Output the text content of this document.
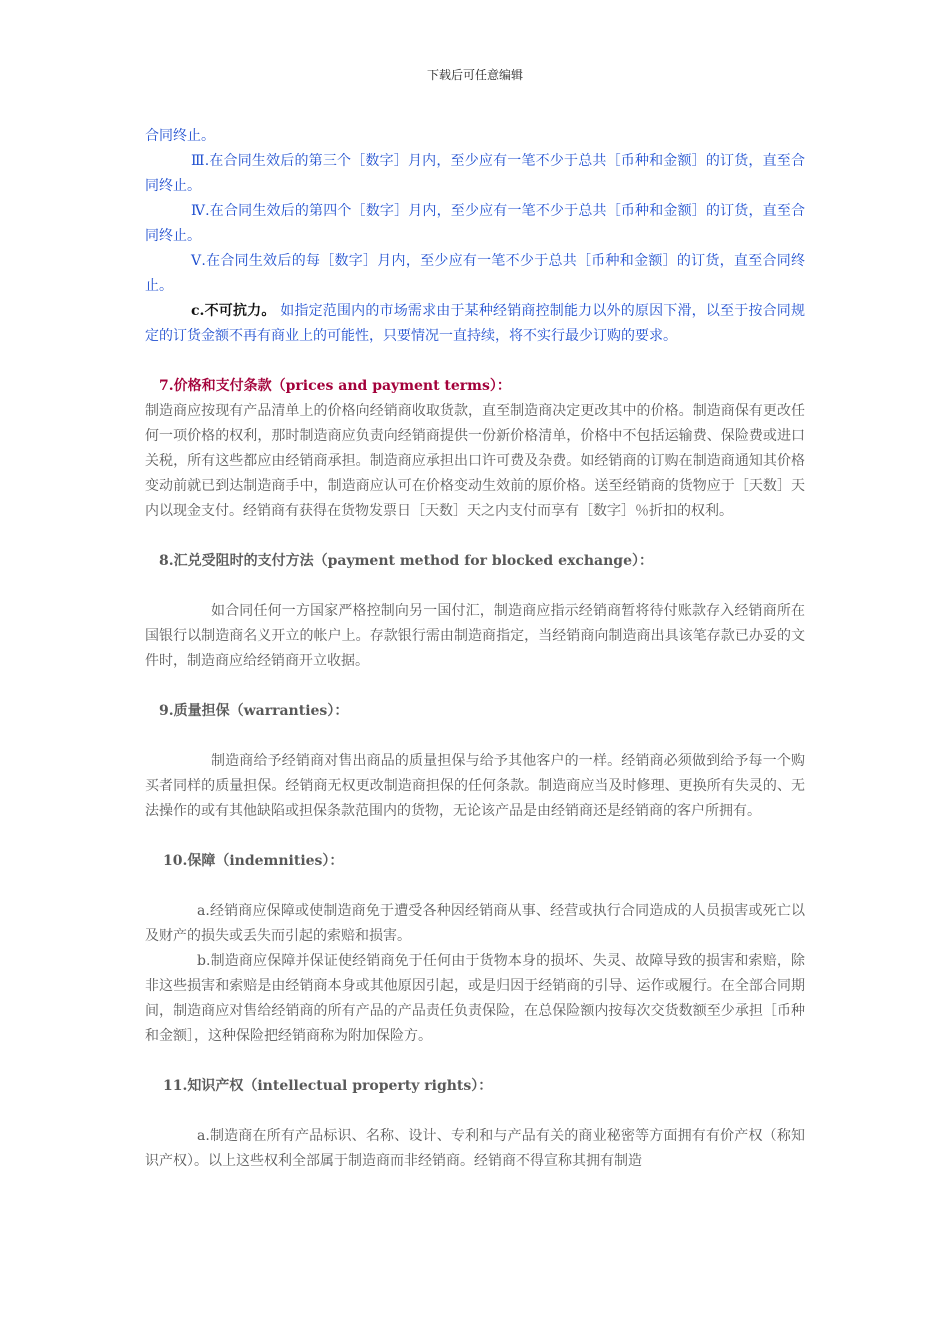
下载后可任意编辑

合同终止。

Ⅲ.在合同生效后的第三个［数字］月内，至少应有一笔不少于总共［币种和金额］的订货，直至合同终止。

Ⅳ.在合同生效后的第四个［数字］月内，至少应有一笔不少于总共［币种和金额］的订货，直至合同终止。

Ⅴ.在合同生效后的每［数字］月内，至少应有一笔不少于总共［币种和金额］的订货，直至合同终止。

c.不可抗力。 如指定范围内的市场需求由于某种经销商控制能力以外的原因下滑，以至于按合同规定的订货金额不再有商业上的可能性，只要情况一直持续，将不实行最少订购的要求。

7.价格和支付条款（prices and payment terms）：

制造商应按现有产品清单上的价格向经销商收取货款，直至制造商决定更改其中的价格。制造商保有更改任何一项价格的权利，那时制造商应负责向经销商提供一份新价格清单，价格中不包括运输费、保险费或进口关税，所有这些都应由经销商承担。制造商应承担出口许可费及杂费。如经销商的订购在制造商通知其价格变动前就已到达制造商手中，制造商应认可在价格变动生效前的原价格。送至经销商的货物应于［天数］天内以现金支付。经销商有获得在货物发票日［天数］天之内支付而享有［数字］％折扣的权利。

8.汇兑受阻时的支付方法（payment method for blocked exchange）：

如合同任何一方国家严格控制向另一国付汇，制造商应指示经销商暂将待付账款存入经销商所在国银行以制造商名义开立的帐户上。存款银行需由制造商指定，当经销商向制造商出具该笔存款已办妥的文件时，制造商应给经销商开立收据。

9.质量担保（warranties）：

制造商给予经销商对售出商品的质量担保与给予其他客户的一样。经销商必须做到给予每一个购买者同样的质量担保。经销商无权更改制造商担保的任何条款。制造商应当及时修理、更换所有失灵的、无法操作的或有其他缺陷或担保条款范围内的货物，无论该产品是由经销商还是经销商的客户所拥有。

10.保障（indemnities）：

a.经销商应保障或使制造商免于遭受各种因经销商从事、经营或执行合同造成的人员损害或死亡以及财产的损失或丢失而引起的索赔和损害。

b.制造商应保障并保证使经销商免于任何由于货物本身的损坏、失灵、故障导致的损害和索赔，除非这些损害和索赔是由经销商本身或其他原因引起，或是归因于经销商的引导、运作或履行。在全部合同期间，制造商应对售给经销商的所有产品的产品责任负责保险，在总保险额内按每次交货数额至少承担［币种和金额］，这种保险把经销商称为附加保险方。

11.知识产权（intellectual property rights）：

a.制造商在所有产品标识、名称、设计、专利和与产品有关的商业秘密等方面拥有有价产权（称知识产权）。以上这些权利全部属于制造商而非经销商。经销商不得宣称其拥有制造
